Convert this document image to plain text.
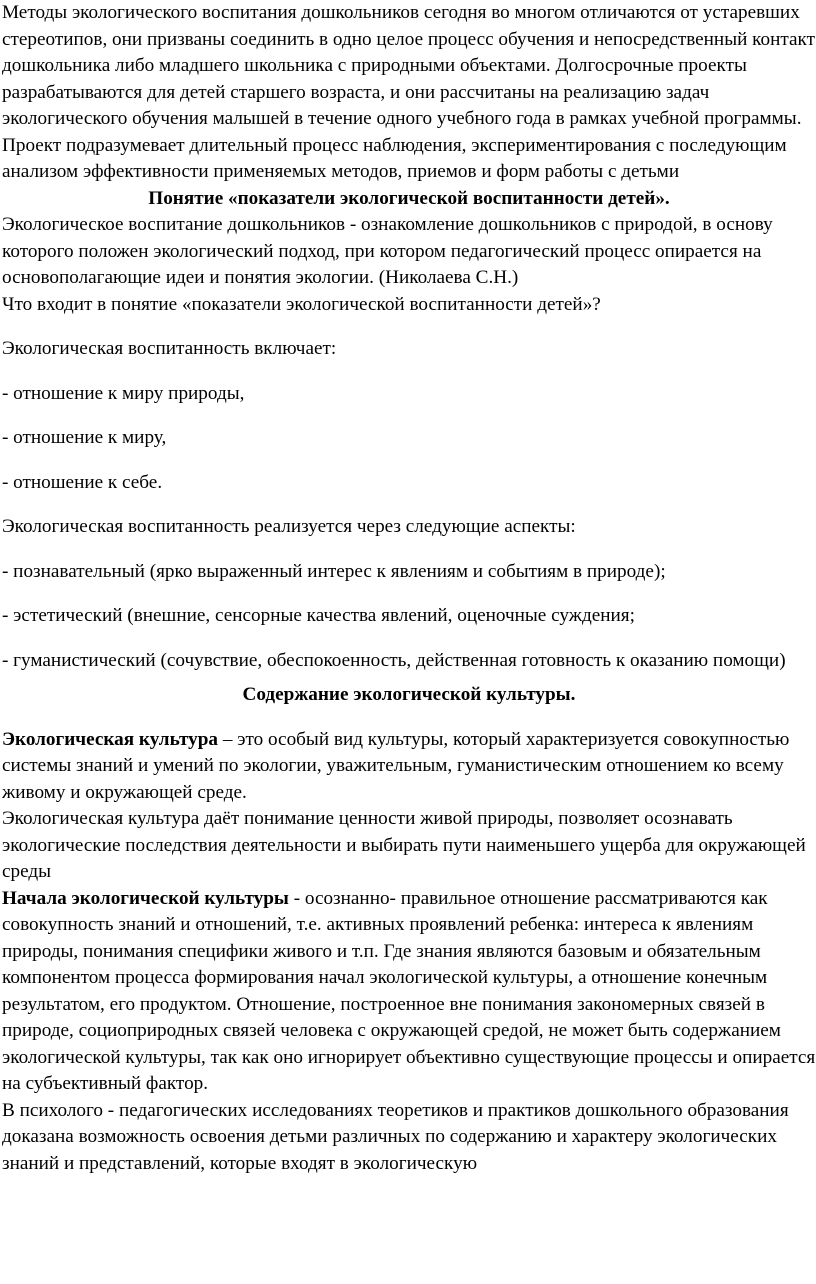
Методы экологического воспитания дошкольников сегодня во многом отличаются от устаревших стереотипов, они призваны соединить в одно целое процесс обучения и непосредственный контакт дошкольника либо младшего школьника с природными объектами. Долгосрочные проекты разрабатываются для детей старшего возраста, и они рассчитаны на реализацию задач экологического обучения малышей в течение одного учебного года в рамках учебной программы. Проект подразумевает длительный процесс наблюдения, экспериментирования с последующим анализом эффективности применяемых методов, приемов и форм работы с детьми

Понятие «показатели экологической воспитанности детей».

Экологическое воспитание дошкольников - ознакомление дошкольников с природой, в основу которого положен экологический подход, при котором педагогический процесс опирается на основополагающие идеи и понятия экологии. (Николаева С.Н.)

Что входит в понятие «показатели экологической воспитанности детей»?

Экологическая воспитанность включает:

- отношение к миру природы,

- отношение к миру,

- отношение к себе.

Экологическая воспитанность реализуется через следующие аспекты:

- познавательный (ярко выраженный интерес к явлениям и событиям в природе);

- эстетический (внешние, сенсорные качества явлений, оценочные суждения;

- гуманистический (сочувствие, обеспокоенность, действенная готовность к оказанию помощи)

Содержание экологической культуры.

Экологическая культура – это особый вид культуры, который характеризуется совокупностью системы знаний и умений по экологии, уважительным, гуманистическим отношением ко всему живому и окружающей среде.

Экологическая культура даёт понимание ценности живой природы, позволяет осознавать экологические последствия деятельности и выбирать пути наименьшего ущерба для окружающей среды

Начала экологической культуры - осознанно- правильное отношение рассматриваются как совокупность знаний и отношений, т.е. активных проявлений ребенка: интереса к явлениям природы, понимания специфики живого и т.п. Где знания являются базовым и обязательным компонентом процесса формирования начал экологической культуры, а отношение конечным результатом, его продуктом. Отношение, построенное вне понимания закономерных связей в природе, социоприродных связей человека с окружающей средой, не может быть содержанием экологической культуры, так как оно игнорирует объективно существующие процессы и опирается на субъективный фактор.

В психолого - педагогических исследованиях теоретиков и практиков дошкольного образования доказана возможность освоения детьми различных по содержанию и характеру экологических знаний и представлений, которые входят в экологическую
